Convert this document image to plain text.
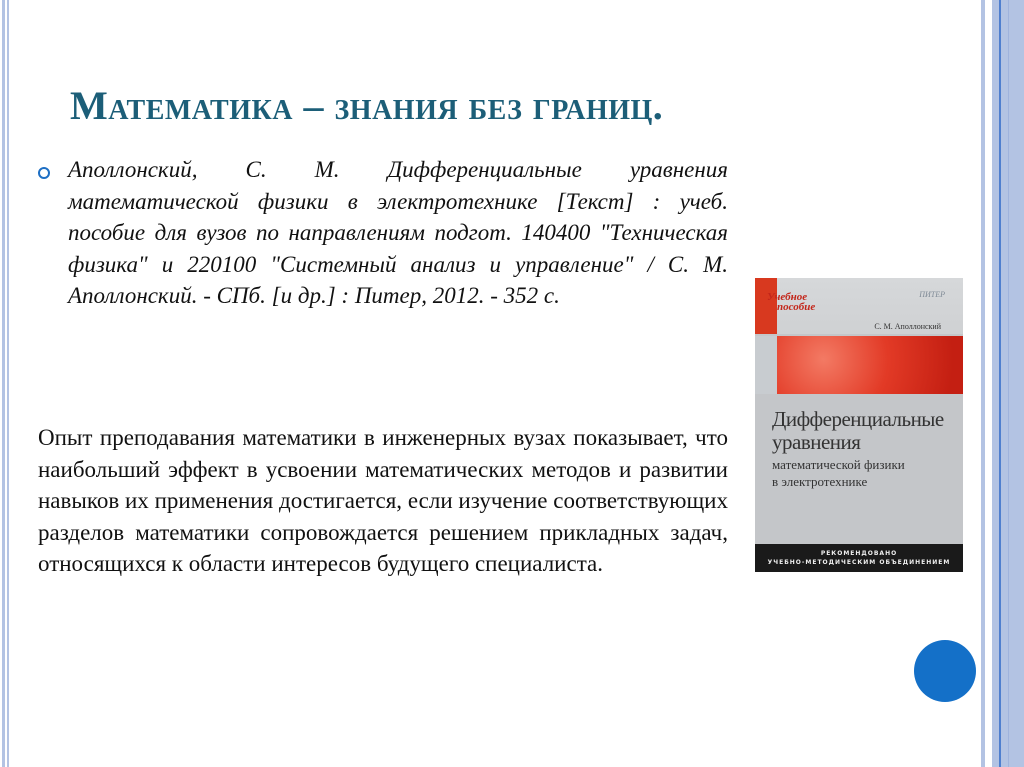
Математика – знания без границ.
Аполлонский, С. М. Дифференциальные уравнения математической физики в электротехнике [Текст] : учеб. пособие для вузов по направлениям подгот. 140400 "Техническая физика" и 220100 "Системный анализ и управление" / С. М. Аполлонский. - СПб. [и др.] : Питер, 2012. - 352 с.
Опыт преподавания математики в инженерных вузах показывает, что наибольший эффект в усвоении математических методов и развитии навыков их применения достигается, если изучение соответствующих разделов математики сопровождается решением прикладных задач, относящихся к области интересов будущего специалиста.
Учебное
пособие
ПИТЕР
С. М. Аполлонский
Дифференциальные
уравнения
математической физики
в электротехнике
РЕКОМЕНДОВАНО
УЧЕБНО-МЕТОДИЧЕСКИМ ОБЪЕДИНЕНИЕМ
